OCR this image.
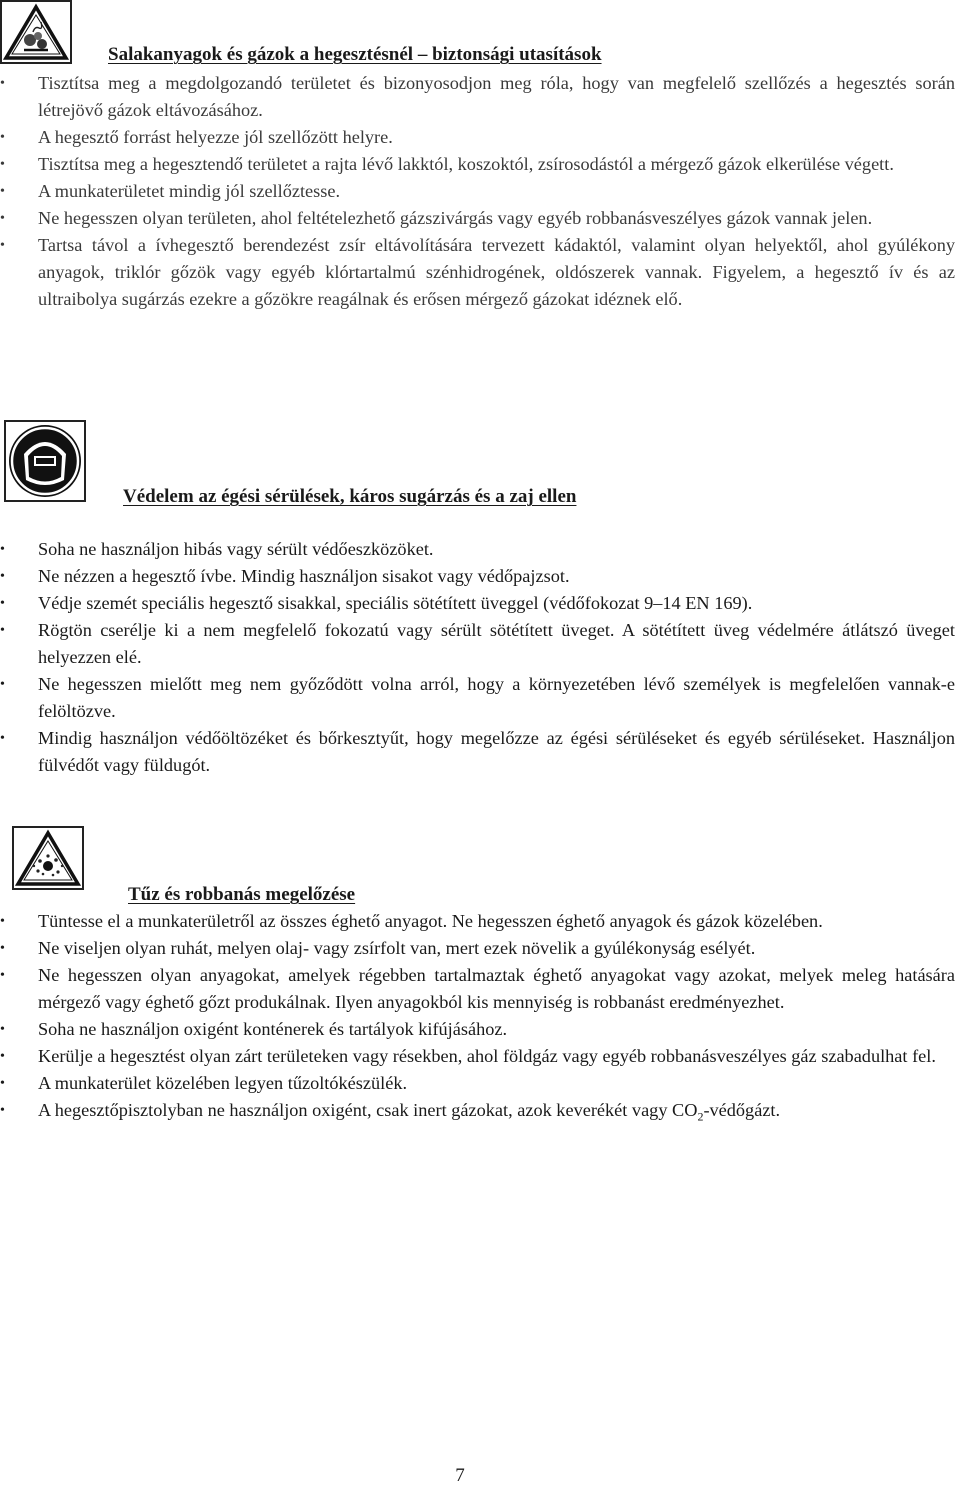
Salakanyagok és gázok a hegesztésnél – biztonsági utasítások
•	Tisztítsa meg a megdolgozandó területet és bizonyosodjon meg róla, hogy van megfelelő szellőzés a hegesztés során létrejövő gázok eltávozásához.
•	A hegesztő forrást helyezze jól szellőzött helyre.
•	Tisztítsa meg a hegesztendő területet a rajta lévő lakktól, koszoktól, zsírosodástól a mérgező gázok elkerülése végett.
•	A munkaterületet mindig jól szellőztesse.
•	Ne hegesszen olyan területen, ahol feltételezhető gázszivárgás vagy egyéb robbanásveszélyes gázok vannak jelen.
•	Tartsa távol a ívhegesztő berendezést zsír eltávolítására tervezett kádaktól, valamint olyan helyektől, ahol gyúlékony anyagok, triklór gőzök vagy egyéb klórtartalmú szénhidrogének, oldószerek vannak. Figyelem, a hegesztő ív és az ultraibolya sugárzás ezekre a gőzökre reagálnak és erősen mérgező gázokat idéznek elő.
Védelem az égési sérülések, káros sugárzás és a zaj ellen
•	Soha ne használjon hibás vagy sérült védőeszközöket.
•	Ne nézzen a hegesztő ívbe. Mindig használjon sisakot vagy védőpajzsot.
•	Védje szemét speciális hegesztő sisakkal, speciális sötétített üveggel (védőfokozat 9–14 EN 169).
•	Rögtön cserélje ki a nem megfelelő fokozatú vagy sérült sötétített üveget. A sötétített üveg védelmére átlátszó üveget helyezzen elé.
•	Ne hegesszen mielőtt meg nem győződött volna arról, hogy a környezetében lévő személyek is megfelelően vannak-e felöltözve.
•	Mindig használjon védőöltözéket és bőrkesztyűt, hogy megelőzze az égési sérüléseket és egyéb sérüléseket. Használjon fülvédőt vagy füldugót.
Tűz és robbanás megelőzése
•	Tüntesse el a munkaterületről az összes éghető anyagot. Ne hegesszen éghető anyagok és gázok közelében.
•	Ne viseljen olyan ruhát, melyen olaj- vagy zsírfolt van, mert ezek növelik a gyúlékonyság esélyét.
•	Ne hegesszen olyan anyagokat, amelyek régebben tartalmaztak éghető anyagokat vagy azokat, melyek meleg hatására mérgező vagy éghető gőzt produkálnak. Ilyen anyagokból kis mennyiség is robbanást eredményezhet.
•	Soha ne használjon oxigént konténerek és tartályok kifújásához.
•	Kerülje a hegesztést olyan zárt területeken vagy résekben, ahol földgáz vagy egyéb robbanásveszélyes gáz szabadulhat fel.
•	A munkaterület közelében legyen tűzoltókészülék.
•	A hegesztőpisztolyban ne használjon oxigént, csak inert gázokat, azok keverékét vagy $CO_2$-védőgázt.
7
